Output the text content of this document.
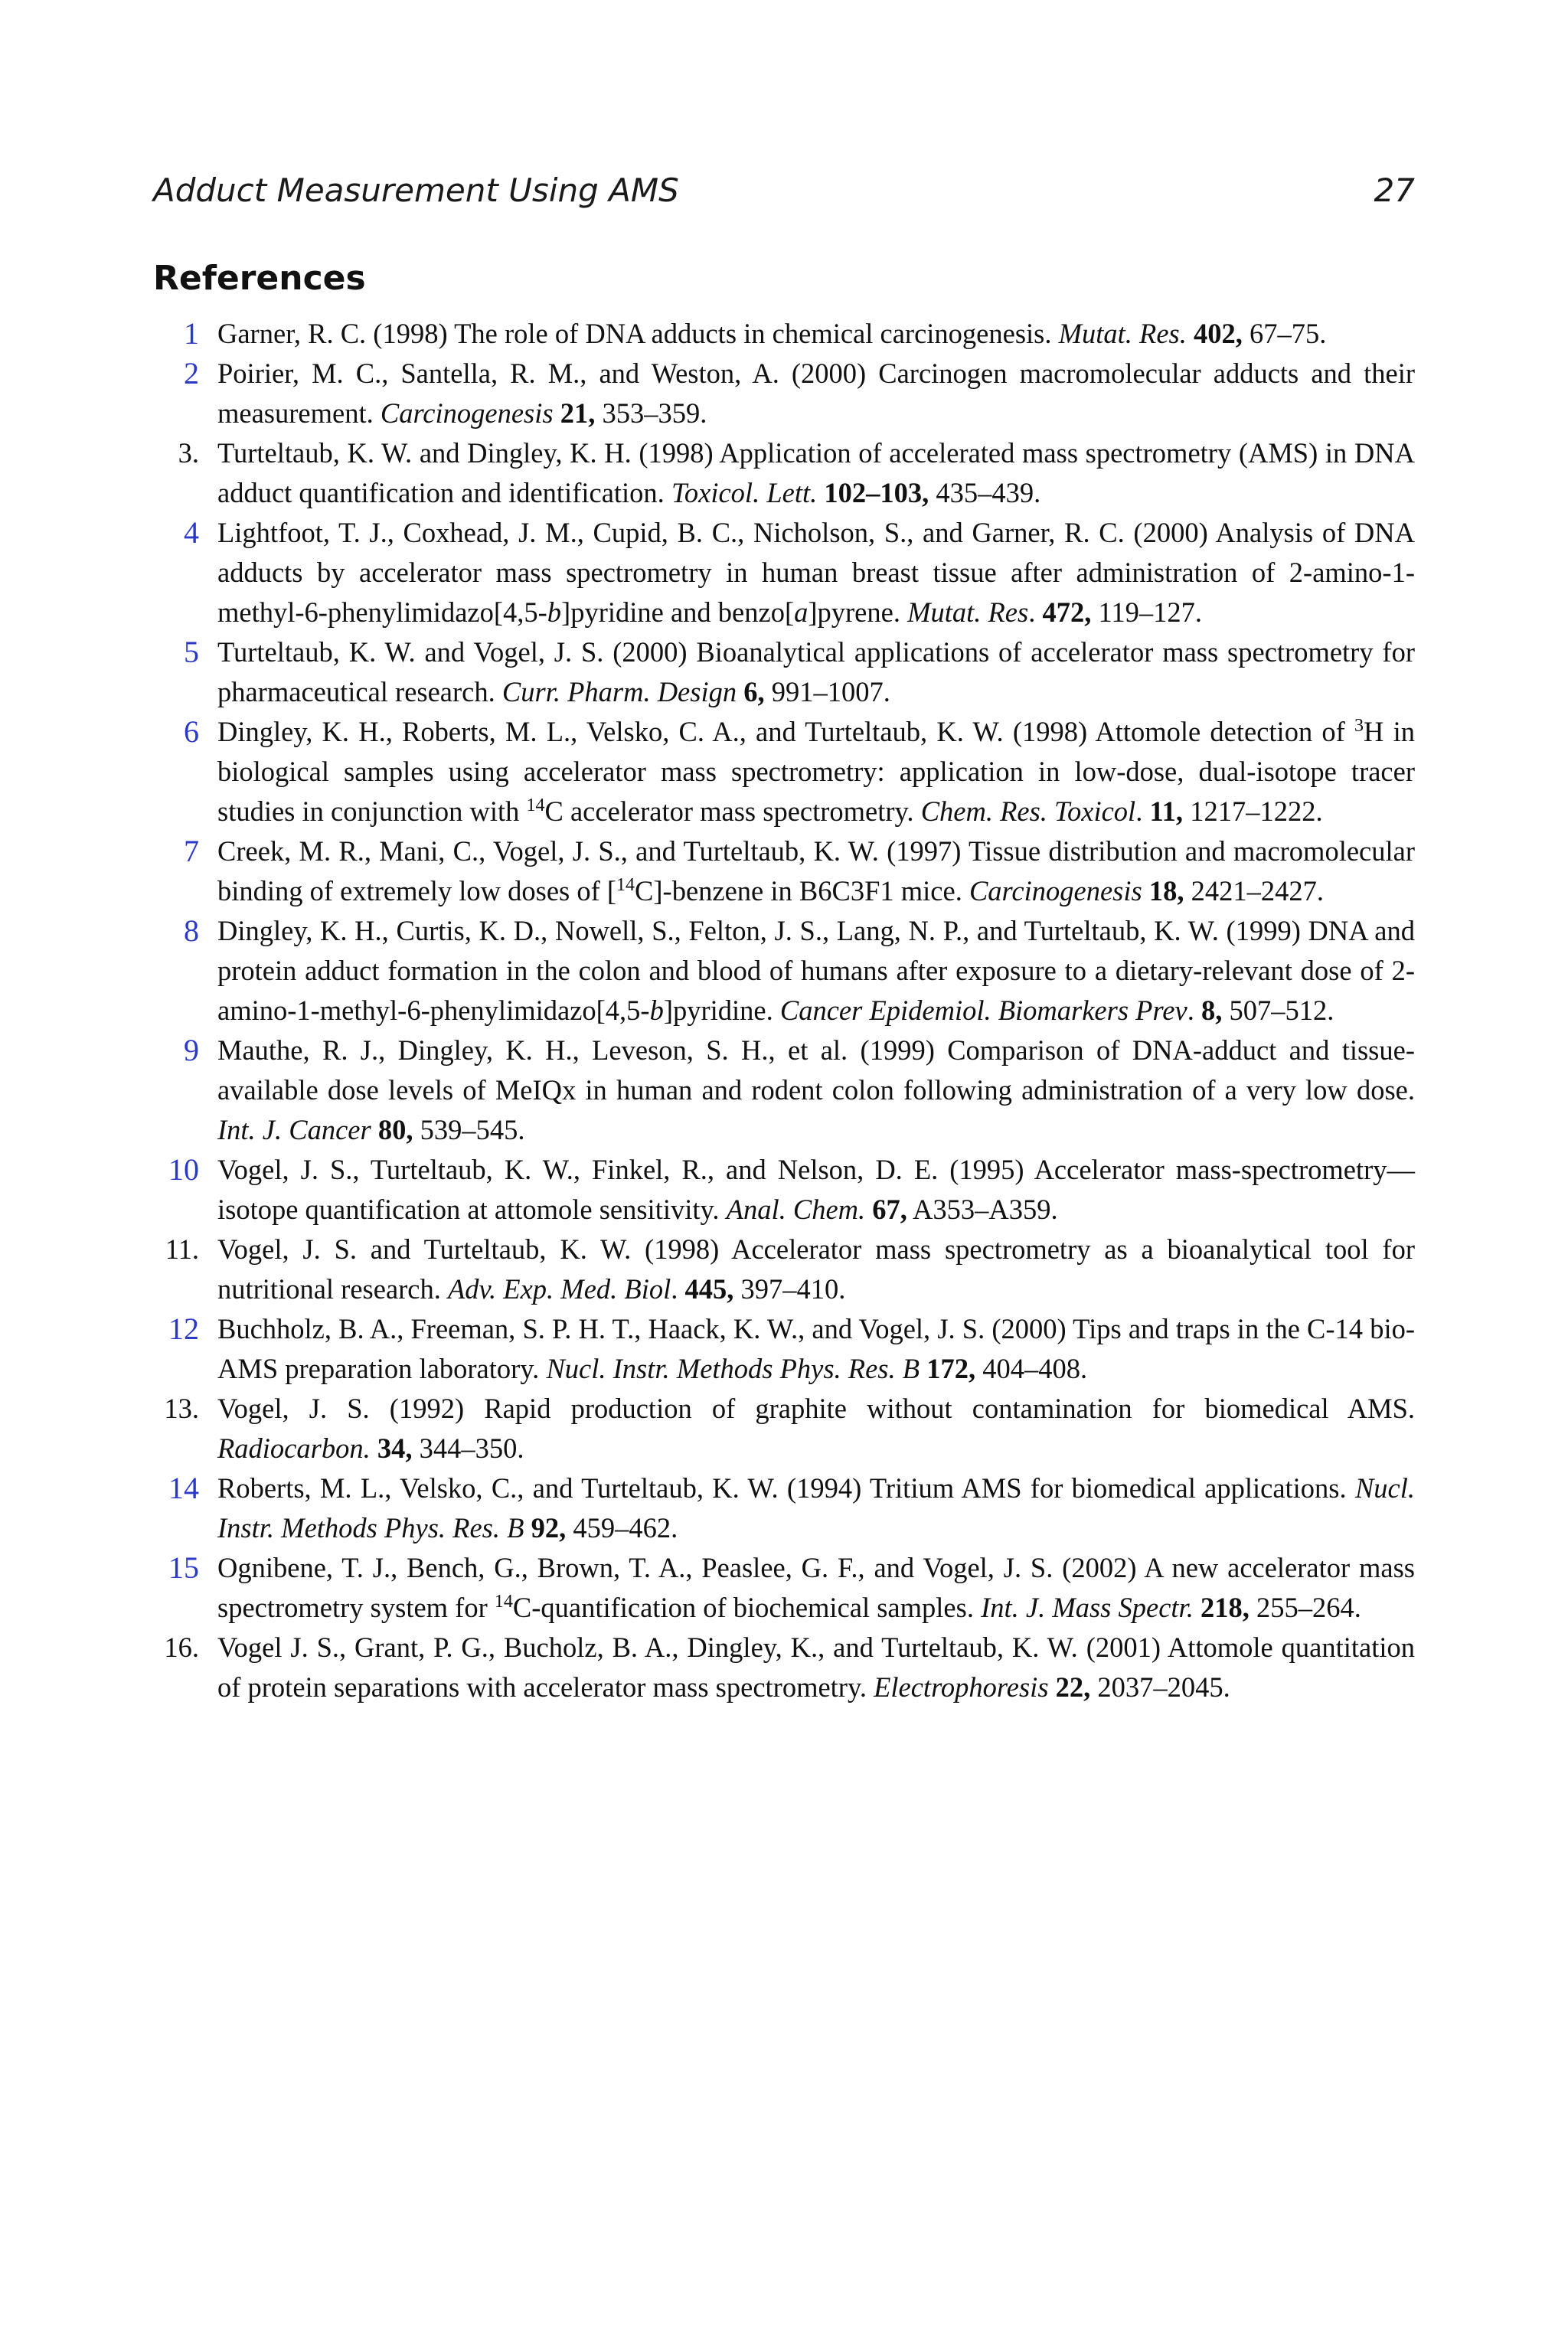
Adduct Measurement Using AMS	27
References
1 Garner, R. C. (1998) The role of DNA adducts in chemical carcinogenesis. Mutat. Res. 402, 67–75.
2 Poirier, M. C., Santella, R. M., and Weston, A. (2000) Carcinogen macromolecular adducts and their measurement. Carcinogenesis 21, 353–359.
3. Turteltaub, K. W. and Dingley, K. H. (1998) Application of accelerated mass spectrometry (AMS) in DNA adduct quantification and identification. Toxicol. Lett. 102–103, 435–439.
4 Lightfoot, T. J., Coxhead, J. M., Cupid, B. C., Nicholson, S., and Garner, R. C. (2000) Analysis of DNA adducts by accelerator mass spectrometry in human breast tissue after administration of 2-amino-1-methyl-6-phenylimidazo[4,5-b]pyridine and benzo[a]pyrene. Mutat. Res. 472, 119–127.
5 Turteltaub, K. W. and Vogel, J. S. (2000) Bioanalytical applications of accelerator mass spectrometry for pharmaceutical research. Curr. Pharm. Design 6, 991–1007.
6 Dingley, K. H., Roberts, M. L., Velsko, C. A., and Turteltaub, K. W. (1998) Attomole detection of $^3$H in biological samples using accelerator mass spectrometry: application in low-dose, dual-isotope tracer studies in conjunction with $^{14}$C accelerator mass spectrometry. Chem. Res. Toxicol. 11, 1217–1222.
7 Creek, M. R., Mani, C., Vogel, J. S., and Turteltaub, K. W. (1997) Tissue distribution and macromolecular binding of extremely low doses of [$^{14}$C]-benzene in B6C3F1 mice. Carcinogenesis 18, 2421–2427.
8 Dingley, K. H., Curtis, K. D., Nowell, S., Felton, J. S., Lang, N. P., and Turteltaub, K. W. (1999) DNA and protein adduct formation in the colon and blood of humans after exposure to a dietary-relevant dose of 2-amino-1-methyl-6-phenylimidazo[4,5-b]pyridine. Cancer Epidemiol. Biomarkers Prev. 8, 507–512.
9 Mauthe, R. J., Dingley, K. H., Leveson, S. H., et al. (1999) Comparison of DNA-adduct and tissue-available dose levels of MeIQx in human and rodent colon following administration of a very low dose. Int. J. Cancer 80, 539–545.
10 Vogel, J. S., Turteltaub, K. W., Finkel, R., and Nelson, D. E. (1995) Accelerator mass-spectrometry—isotope quantification at attomole sensitivity. Anal. Chem. 67, A353–A359.
11. Vogel, J. S. and Turteltaub, K. W. (1998) Accelerator mass spectrometry as a bioanalytical tool for nutritional research. Adv. Exp. Med. Biol. 445, 397–410.
12 Buchholz, B. A., Freeman, S. P. H. T., Haack, K. W., and Vogel, J. S. (2000) Tips and traps in the C-14 bio-AMS preparation laboratory. Nucl. Instr. Methods Phys. Res. B 172, 404–408.
13. Vogel, J. S. (1992) Rapid production of graphite without contamination for biomedical AMS. Radiocarbon. 34, 344–350.
14 Roberts, M. L., Velsko, C., and Turteltaub, K. W. (1994) Tritium AMS for biomedical applications. Nucl. Instr. Methods Phys. Res. B 92, 459–462.
15 Ognibene, T. J., Bench, G., Brown, T. A., Peaslee, G. F., and Vogel, J. S. (2002) A new accelerator mass spectrometry system for $^{14}$C-quantification of biochemical samples. Int. J. Mass Spectr. 218, 255–264.
16. Vogel J. S., Grant, P. G., Bucholz, B. A., Dingley, K., and Turteltaub, K. W. (2001) Attomole quantitation of protein separations with accelerator mass spectrometry. Electrophoresis 22, 2037–2045.
